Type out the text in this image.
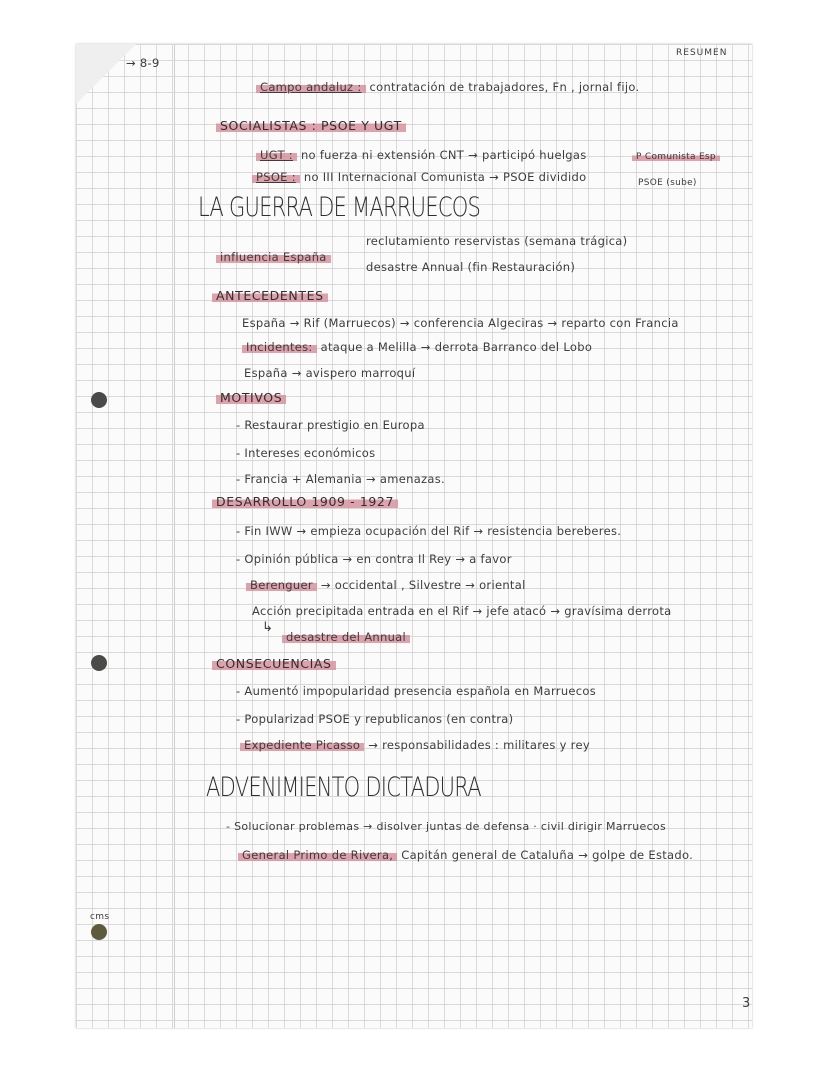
→ 8-9
RESUMEN
Campo andaluz : contratación de trabajadores, Fn , jornal fijo.
SOCIALISTAS : PSOE Y UGT
UGT : no fuerza ni extensión CNT → participó huelgas	P Comunista Esp
PSOE : no III Internacional Comunista → PSOE dividido	PSOE (sube)
LA GUERRA DE MARRUECOS
influencia España
reclutamiento reservistas (semana trágica)
desastre Annual (fin Restauración)
ANTECEDENTES
España → Rif (Marruecos) → conferencia Algeciras → reparto con Francia
Incidentes: ataque a Melilla → derrota Barranco del Lobo
España → avispero marroquí
MOTIVOS
- Restaurar prestigio en Europa
- Intereses económicos
- Francia + Alemania → amenazas.
DESARROLLO 1909 - 1927
- Fin IWW → empieza ocupación del Rif → resistencia bereberes.
- Opinión pública → en contra Il Rey → a favor
Berenguer → occidental , Silvestre → oriental
Acción precipitada entrada en el Rif → jefe atacó → gravísima derrota
↳
desastre del Annual
CONSECUENCIAS
- Aumentó impopularidad presencia española en Marruecos
- Popularizad PSOE y republicanos (en contra)
Expediente Picasso → responsabilidades : militares y rey
ADVENIMIENTO DICTADURA
- Solucionar problemas → disolver juntas de defensa · civil dirigir Marruecos
General Primo de Rivera, Capitán general de Cataluña → golpe de Estado.
cms
3
